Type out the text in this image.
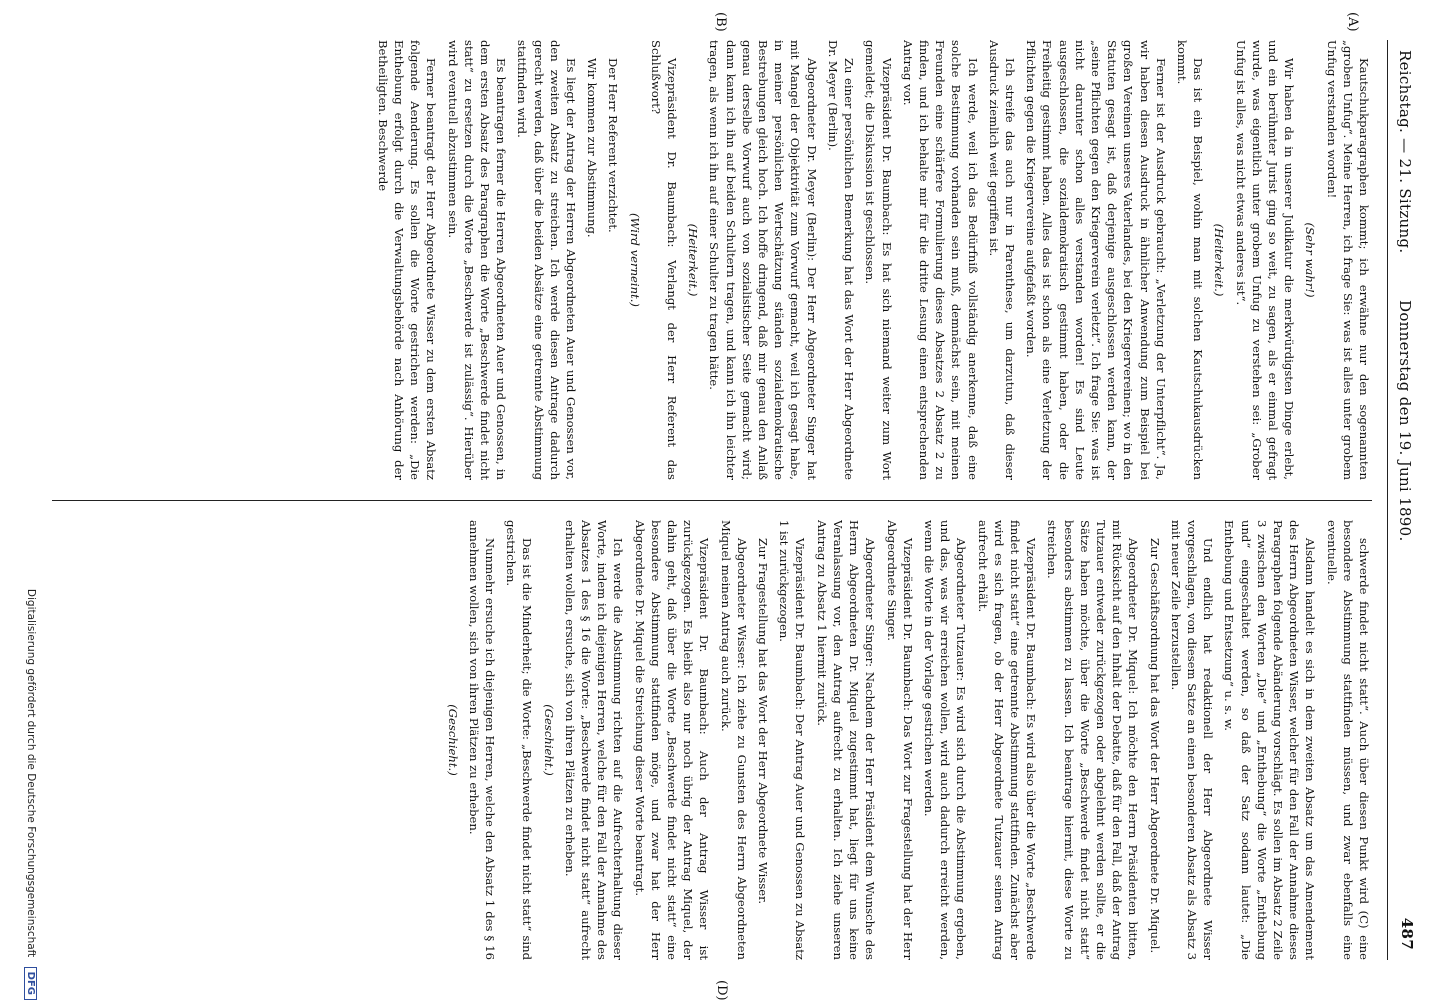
Reichstag. — 21. Sitzung.
Donnerstag den 19. Juni 1890.
487
(A)
(B)
(D)

Kautschukparagraphen kommt; ich erwähne nur den sogenannten „groben Unfug“. Meine Herren, ich frage Sie: was ist alles unter grobem Unfug verstanden worden!

(Sehr wahr!)

Wir haben da in unserer Judikatur die merkwürdigsten Dinge erlebt, und ein berühmter Jurist ging so weit, zu sagen, als er einmal gefragt wurde, was eigentlich unter grobem Unfug zu verstehen sei: „Grober Unfug ist alles, was nicht etwas anderes ist“.

(Heiterkeit.)

Das ist ein Beispiel, wohin man mit solchen Kautschukausdrücken kommt.

Ferner ist der Ausdruck gebraucht: „Verletzung der Unterpflicht“. Ja, wir haben diesen Ausdruck in ähnlicher Anwendung zum Beispiel bei großen Vereinen unseres Vaterlandes, bei den Kriegervereinen; wo in den Statuten gesagt ist, daß derjenige ausgeschlossen werden kann, der „seine Pflichten gegen den Kriegerverein verletzt“. Ich frage Sie: was ist nicht darunter schon alles verstanden worden! Es sind Leute ausgeschlossen, die sozialdemokratisch gestimmt haben, oder die Freiheitig gestimmt haben. Alles das ist schon als eine Verletzung der Pflichten gegen die Kriegervereine aufgefaßt worden.

Ich streife das auch nur in Parenthese, um darzutun, daß dieser Ausdruck ziemlich weit gegriffen ist.

Ich werde, weil ich das Bedürfniß vollständig anerkenne, daß eine solche Bestimmung vorhanden sein muß, demnächst sein, mit meinen Freunden eine schärfere Formulierung dieses Absatzes 2 Absatz 2 zu finden, und ich behalte mir für die dritte Lesung einen entsprechenden Antrag vor.

Vizepräsident Dr. Baumbach: Es hat sich niemand weiter zum Wort gemeldet; die Diskussion ist geschlossen.

Zu einer persönlichen Bemerkung hat das Wort der Herr Abgeordnete Dr. Meyer (Berlin).

Abgeordneter Dr. Meyer (Berlin): Der Herr Abgeordneter Singer hat mit Mangel der Objektivität zum Vorwurf gemacht, weil ich gesagt habe, in meiner persönlichen Wertschätzung ständen sozialdemokratische Bestrebungen gleich hoch. Ich hoffe dringend, daß mir genau den Anlaß genau derselbe Vorwurf auch von sozialistischer Seite gemacht wird; dann kann ich ihn auf beiden Schultern tragen, und kann ich ihn leichter tragen, als wenn ich ihn auf einer Schulter zu tragen hätte.

(Heiterkeit.)

Vizepräsident Dr. Baumbach: Verlangt der Herr Referent das Schlußwort?

(Wird verneint.)

Der Herr Referent verzichtet.

Wir kommen zur Abstimmung.

Es liegt der Antrag der Herren Abgeordneten Auer und Genossen vor, den zweiten Absatz zu streichen. Ich werde diesen Antrage dadurch gerecht werden, daß über die beiden Absätze eine getrennte Abstimmung stattfinden wird.

Es beantragen ferner die Herren Abgeordneten Auer und Genossen, in dem ersten Absatz des Paragraphen die Worte „Beschwerde findet nicht statt“ zu ersetzen durch die Worte „Beschwerde ist zulässig“. Hierüber wird eventuell abzustimmen sein.

Ferner beantragt der Herr Abgeordnete Wisser zu dem ersten Absatz folgende Aenderung. Es sollen die Worte gestrichen werden: „Die Enthebung erfolgt durch die Verwaltungsbehörde nach Anhörung der Betheiligten. Beschwerde

schwerde findet nicht statt“. Auch über diesen Punkt wird (C) eine besondere Abstimmung stattfinden müssen, und zwar ebenfalls eine eventuelle.

Alsdann handelt es sich in dem zweiten Absatz um das Amendement des Herrn Abgeordneten Wisser, welcher für den Fall der Annahme dieses Paragraphen folgende Abänderung vorschlägt. Es sollen im Absatz 2 Zeile 3 zwischen den Worten „Die“ und „Enthebung“ die Worte „Enthebung und“ eingeschaltet werden, so daß der Satz sodann lautet: „Die Enthebung und Entsetzung“ u. s. w.

Und endlich hat redaktionell der Herr Abgeordnete Wisser vorgeschlagen, von diesem Satze an einen besonderen Absatz als Absatz 3 mit neuer Zeile herzustellen.

Zur Geschäftsordnung hat das Wort der Herr Abgeordnete Dr. Miquel.

Abgeordneter Dr. Miquel: Ich möchte den Herrn Präsidenten bitten, mit Rücksicht auf den Inhalt der Debatte, daß für den Fall, daß der Antrag Tutzauer entweder zurückgezogen oder abgelehnt werden sollte, er die Sätze haben möchte, über die Worte „Beschwerde findet nicht statt“ besonders abstimmen zu lassen. Ich beantrage hiermit, diese Worte zu streichen.

Vizepräsident Dr. Baumbach: Es wird also über die Worte „Beschwerde findet nicht statt“ eine getrennte Abstimmung stattfinden. Zunächst aber wird es sich fragen, ob der Herr Abgeordnete Tutzauer seinen Antrag aufrecht erhält.

Abgeordneter Tutzauer: Es wird sich durch die Abstimmung ergeben, und das, was wir erreichen wollen, wird auch dadurch erreicht werden, wenn die Worte in der Vorlage gestrichen werden.

Vizepräsident Dr. Baumbach: Das Wort zur Fragestellung hat der Herr Abgeordnete Singer.

Abgeordneter Singer: Nachdem der Herr Präsident dem Wunsche des Herrn Abgeordneten Dr. Miquel zugestimmt hat, liegt für uns keine Veranlassung vor, den Antrag aufrecht zu erhalten. Ich ziehe unseren Antrag zu Absatz 1 hiermit zurück.

Vizepräsident Dr. Baumbach: Der Antrag Auer und Genossen zu Absatz 1 ist zurückgezogen.

Zur Fragestellung hat das Wort der Herr Abgeordnete Wisser.

Abgeordneter Wisser: Ich ziehe zu Gunsten des Herrn Abgeordneten Miquel meinen Antrag auch zurück.

Vizepräsident Dr. Baumbach: Auch der Antrag Wisser ist zurückgezogen. Es bleibt also nur noch übrig der Antrag Miquel, der dahin geht, daß über die Worte „Beschwerde findet nicht statt“ eine besondere Abstimmung stattfinden möge, und zwar hat der Herr Abgeordnete Dr. Miquel die Streichung dieser Worte beantragt.

Ich werde die Abstimmung richten auf die Aufrechterhaltung dieser Worte, indem ich diejenigen Herren, welche für den Fall der Annahme des Absatzes 1 des § 16 die Worte: „Beschwerde findet nicht statt“ aufrecht erhalten wollen, ersuche, sich von ihren Plätzen zu erheben.

(Geschieht.)

Das ist die Minderheit; die Worte: „Beschwerde findet nicht statt“ sind gestrichen.

Nunmehr ersuche ich diejenigen Herren, welche den Absatz 1 des § 16 annehmen wollen, sich von ihren Plätzen zu erheben.

(Geschieht.)

Digitalisierung gefördert durch die Deutsche Forschungsgemeinschaft DFG
